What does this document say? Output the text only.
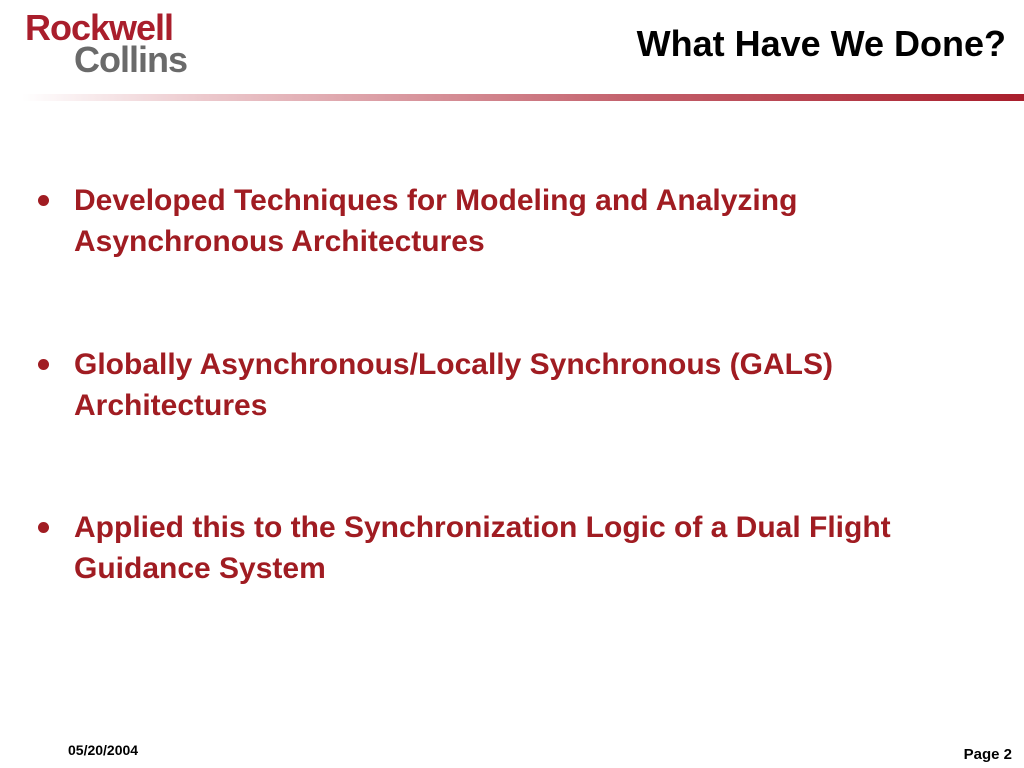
Rockwell
Collins	What Have We Done?
Developed Techniques for Modeling and Analyzing Asynchronous Architectures
Globally Asynchronous/Locally Synchronous (GALS) Architectures
Applied this to the Synchronization Logic of a Dual Flight Guidance System
05/20/2004	Page 2
